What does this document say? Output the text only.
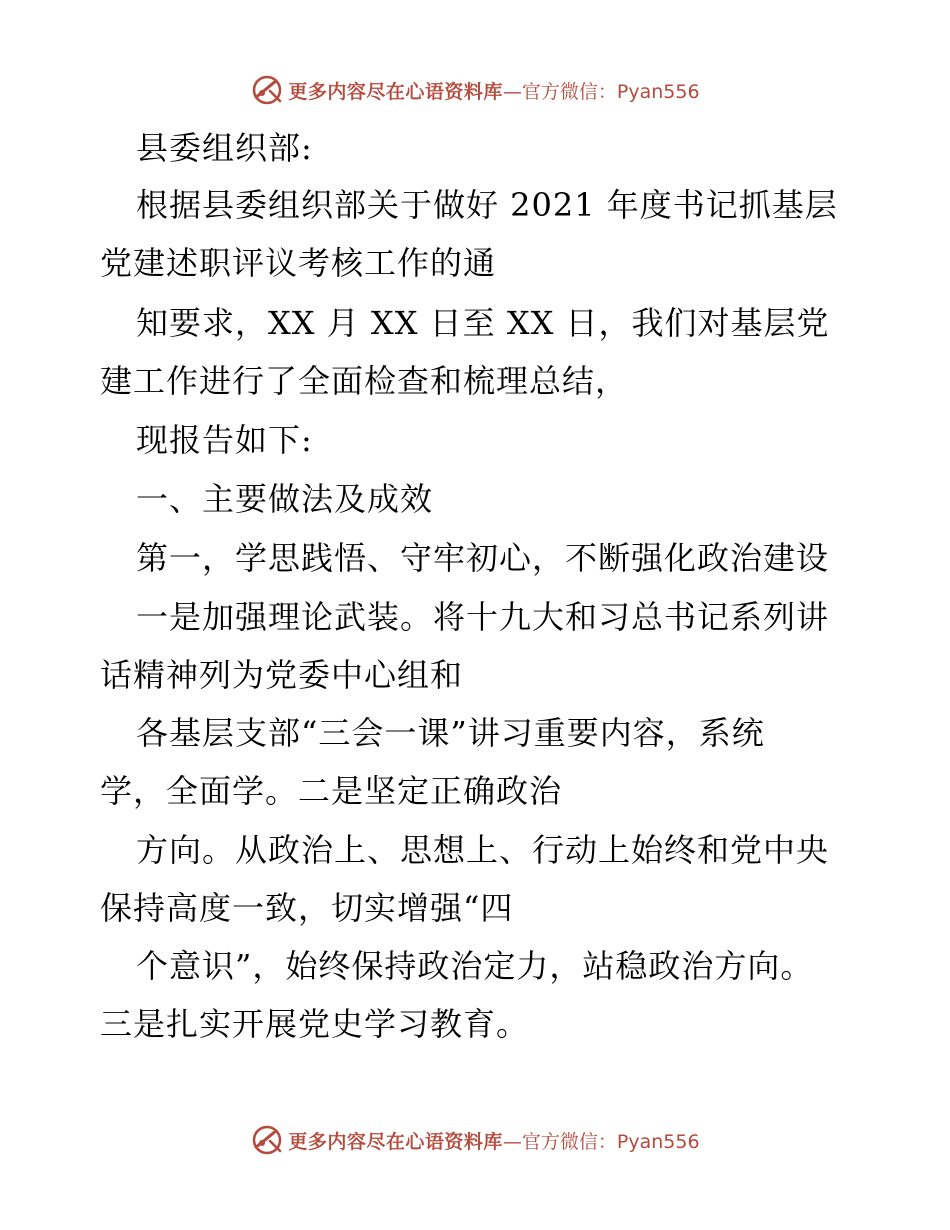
更多内容尽在心语资料库 —官方微信：Pyan556
县委组织部:
根据县委组织部关于做好 2021 年度书记抓基层
党建述职评议考核工作的通
知要求，XX 月 XX 日至 XX 日，我们对基层党
建工作进行了全面检查和梳理总结，
现报告如下:
一、主要做法及成效
第一，学思践悟、守牢初心，不断强化政治建设
一是加强理论武装。将十九大和习总书记系列讲
话精神列为党委中心组和
各基层支部“三会一课”讲习重要内容，系统
学，全面学。二是坚定正确政治
方向。从政治上、思想上、行动上始终和党中央
保持高度一致，切实增强“四
个意识”，始终保持政治定力，站稳政治方向。
三是扎实开展党史学习教育。
更多内容尽在心语资料库 —官方微信：Pyan556
